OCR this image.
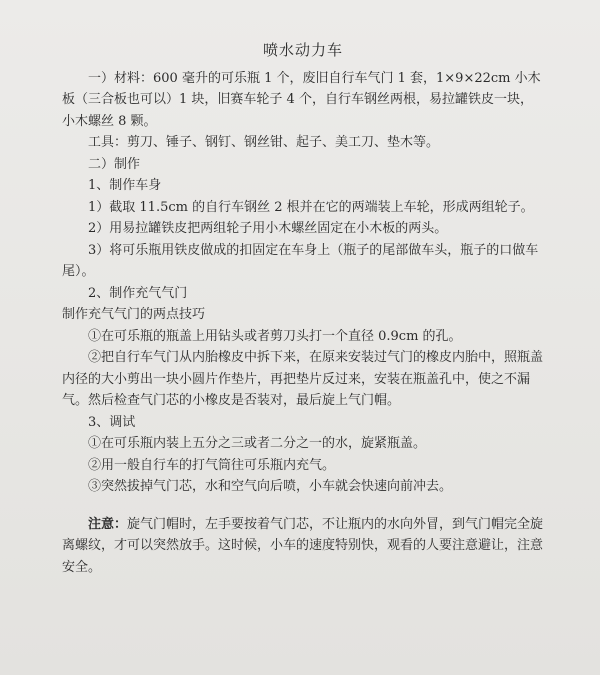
喷水动力车

一）材料：600 毫升的可乐瓶 1 个，废旧自行车气门 1 套，1×9×22cm 小木板（三合板也可以）1 块，旧赛车轮子 4 个，自行车钢丝两根，易拉罐铁皮一块，小木螺丝 8 颗。

工具：剪刀、锤子、钢钉、钢丝钳、起子、美工刀、垫木等。

二）制作

1、制作车身

1）截取 11.5cm 的自行车钢丝 2 根并在它的两端装上车轮，形成两组轮子。

2）用易拉罐铁皮把两组轮子用小木螺丝固定在小木板的两头。

3）将可乐瓶用铁皮做成的扣固定在车身上（瓶子的尾部做车头，瓶子的口做车尾）。

2、制作充气气门

制作充气气门的两点技巧

①在可乐瓶的瓶盖上用钻头或者剪刀头打一个直径 0.9cm 的孔。

②把自行车气门从内胎橡皮中拆下来，在原来安装过气门的橡皮内胎中，照瓶盖内径的大小剪出一块小圆片作垫片，再把垫片反过来，安装在瓶盖孔中，使之不漏气。然后检查气门芯的小橡皮是否装对，最后旋上气门帽。

3、调试

①在可乐瓶内装上五分之三或者二分之一的水，旋紧瓶盖。

②用一般自行车的打气筒往可乐瓶内充气。

③突然拔掉气门芯，水和空气向后喷，小车就会快速向前冲去。

注意：旋气门帽时，左手要按着气门芯，不让瓶内的水向外冒，到气门帽完全旋离螺纹，才可以突然放手。这时候，小车的速度特别快，观看的人要注意避让，注意安全。
